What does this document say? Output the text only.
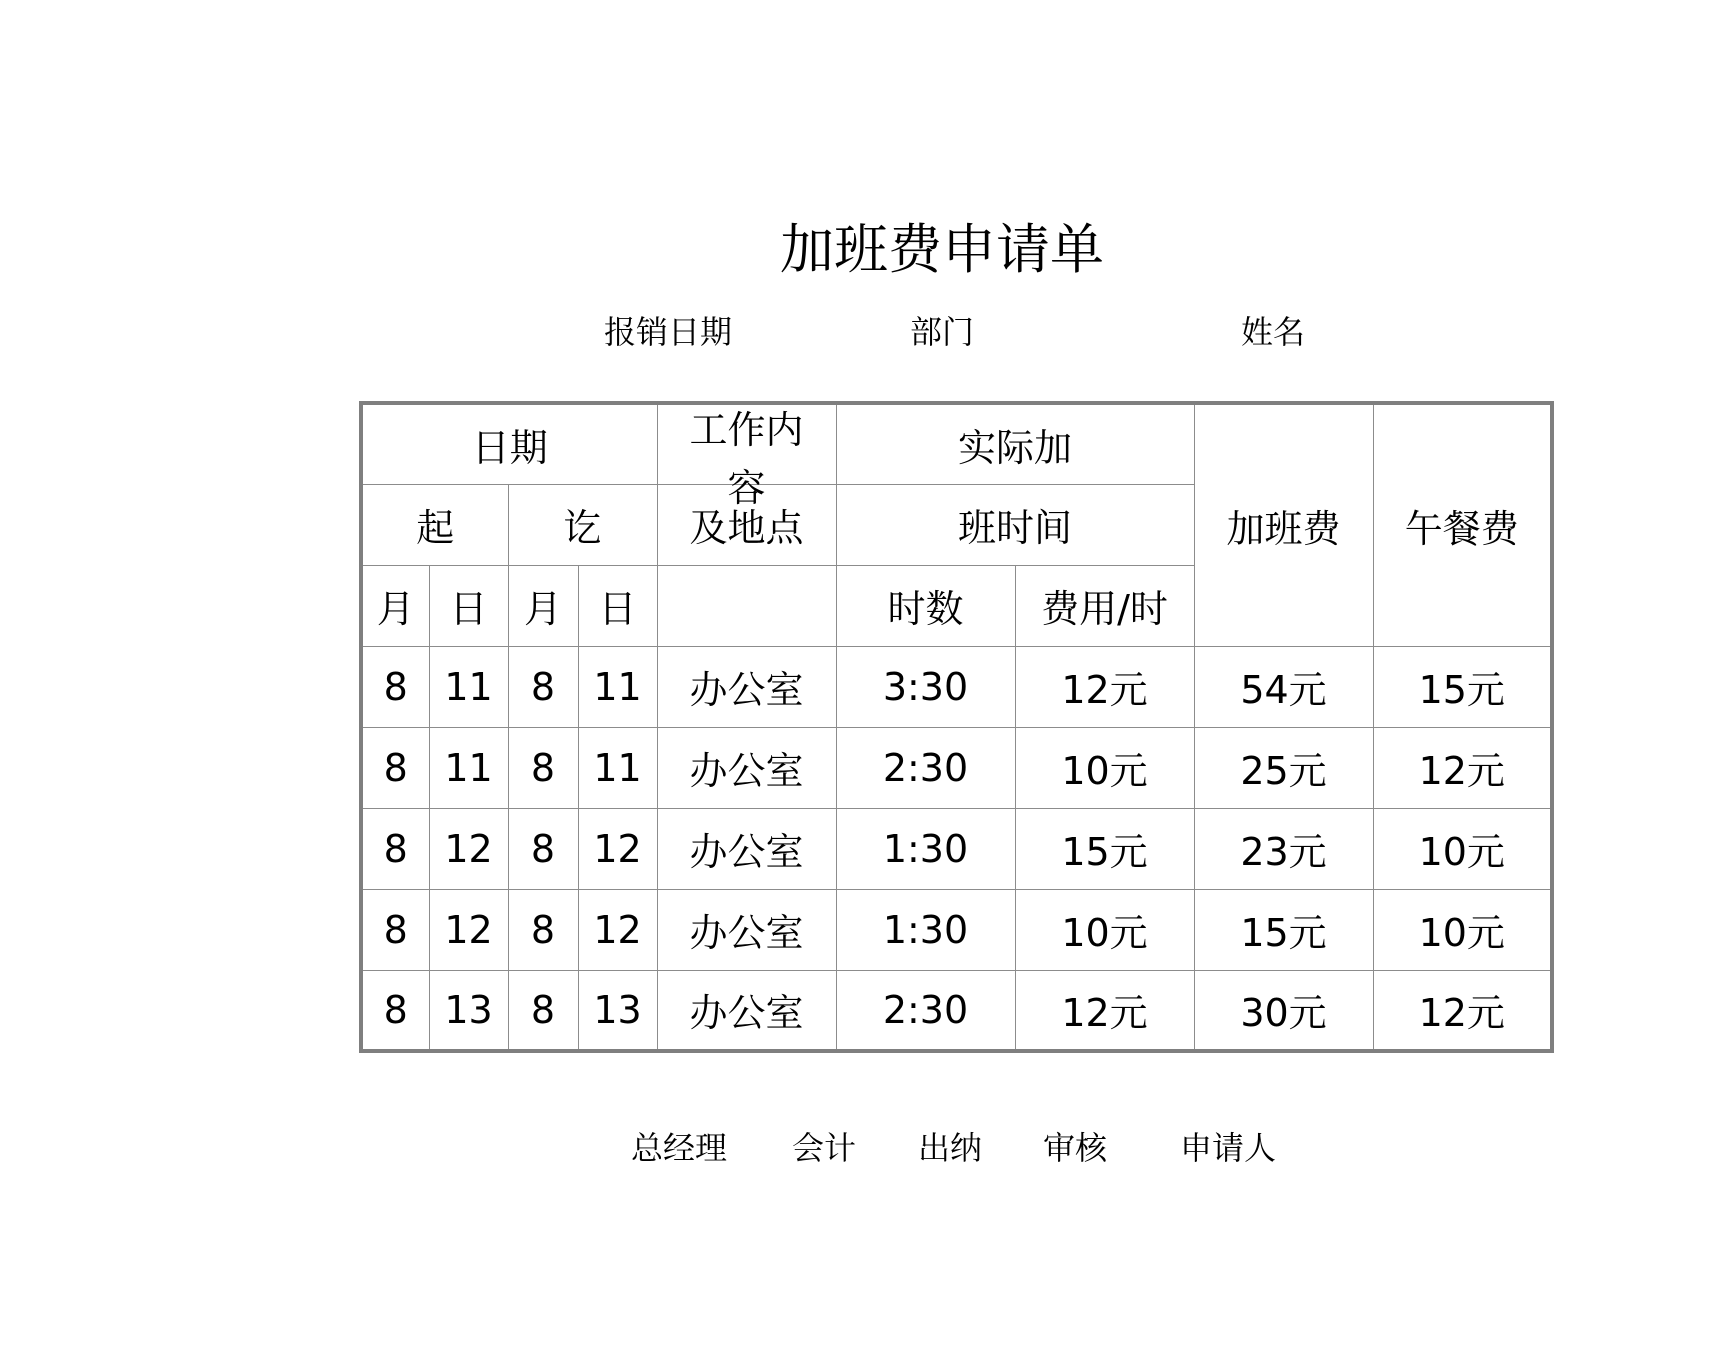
加班费申请单
报销日期	部门	姓名
日期				工作内容	实际加		加班费	午餐费
起		讫		及地点	班时间			
月	日	月	日		时数	费用/时		
8	11	8	11	办公室	3:30	12元	54元	15元
8	11	8	11	办公室	2:30	10元	25元	12元
8	12	8	12	办公室	1:30	15元	23元	10元
8	12	8	12	办公室	1:30	10元	15元	10元
8	13	8	13	办公室	2:30	12元	30元	12元
总经理 会计 出纳 审核 申请人
